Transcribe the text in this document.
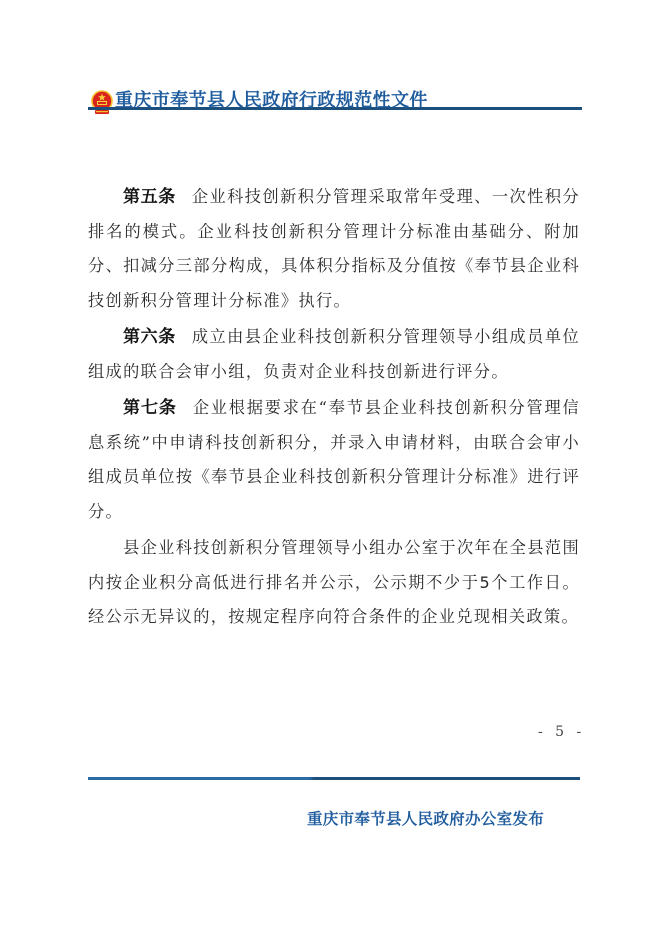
重庆市奉节县人民政府行政规范性文件

第五条 企业科技创新积分管理采取常年受理、一次性积分排名的模式。企业科技创新积分管理计分标准由基础分、附加分、扣减分三部分构成，具体积分指标及分值按《奉节县企业科技创新积分管理计分标准》执行。

第六条 成立由县企业科技创新积分管理领导小组成员单位组成的联合会审小组，负责对企业科技创新进行评分。

第七条 企业根据要求在“奉节县企业科技创新积分管理信息系统”中申请科技创新积分，并录入申请材料，由联合会审小组成员单位按《奉节县企业科技创新积分管理计分标准》进行评分。

县企业科技创新积分管理领导小组办公室于次年在全县范围内按企业积分高低进行排名并公示，公示期不少于5个工作日。经公示无异议的，按规定程序向符合条件的企业兑现相关政策。

- 5 -
重庆市奉节县人民政府办公室发布
